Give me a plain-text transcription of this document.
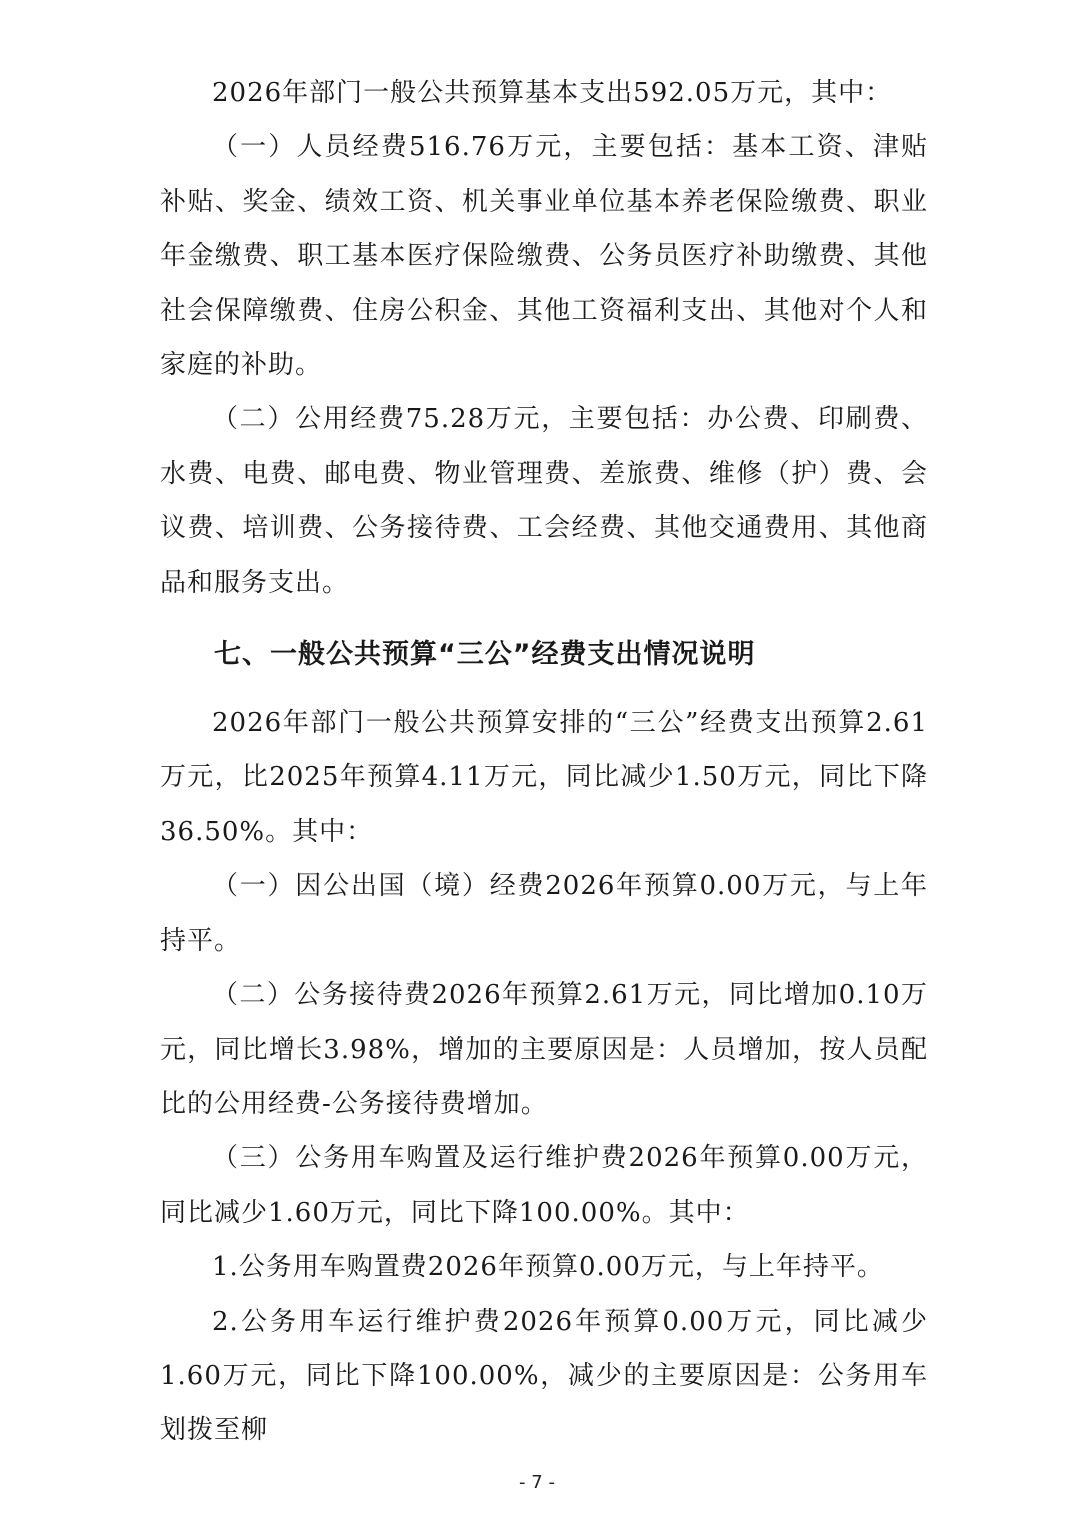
2026年部门一般公共预算基本支出592.05万元，其中：

（一）人员经费516.76万元，主要包括：基本工资、津贴补贴、奖金、绩效工资、机关事业单位基本养老保险缴费、职业年金缴费、职工基本医疗保险缴费、公务员医疗补助缴费、其他社会保障缴费、住房公积金、其他工资福利支出、其他对个人和家庭的补助。

（二）公用经费75.28万元，主要包括：办公费、印刷费、水费、电费、邮电费、物业管理费、差旅费、维修（护）费、会议费、培训费、公务接待费、工会经费、其他交通费用、其他商品和服务支出。

七、一般公共预算“三公”经费支出情况说明

2026年部门一般公共预算安排的“三公”经费支出预算2.61万元，比2025年预算4.11万元，同比减少1.50万元，同比下降36.50%。其中：

（一）因公出国（境）经费2026年预算0.00万元，与上年持平。

（二）公务接待费2026年预算2.61万元，同比增加0.10万元，同比增长3.98%，增加的主要原因是：人员增加，按人员配比的公用经费-公务接待费增加。

（三）公务用车购置及运行维护费2026年预算0.00万元，同比减少1.60万元，同比下降100.00%。其中：

1.公务用车购置费2026年预算0.00万元，与上年持平。

2.公务用车运行维护费2026年预算0.00万元，同比减少1.60万元，同比下降100.00%，减少的主要原因是：公务用车划拨至柳

- 7 -
